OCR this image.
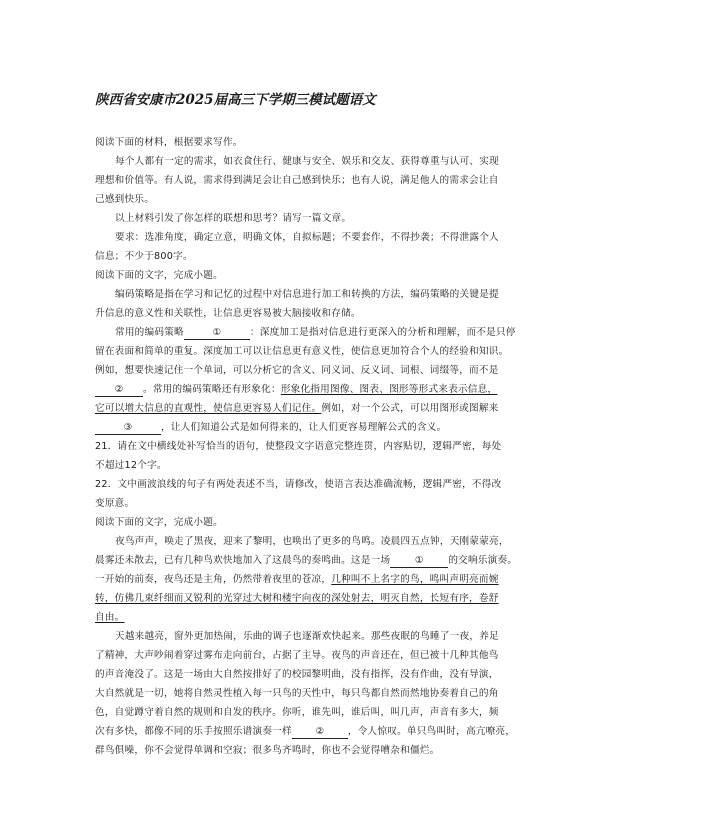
陕西省安康市2025届高三下学期三模试题语文
阅读下面的材料，根据要求写作。
每个人都有一定的需求，如衣食住行、健康与安全、娱乐和交友、获得尊重与认可、实现
理想和价值等。有人说，需求得到满足会让自己感到快乐；也有人说，满足他人的需求会让自
己感到快乐。
以上材料引发了你怎样的联想和思考？请写一篇文章。
要求：选准角度，确定立意，明确文体，自拟标题；不要套作，不得抄袭；不得泄露个人
信息；不少于800字。
阅读下面的文字，完成小题。
编码策略是指在学习和记忆的过程中对信息进行加工和转换的方法，编码策略的关键是提
升信息的意义性和关联性，让信息更容易被大脑接收和存储。
常用的编码策略	①	：深度加工是指对信息进行更深入的分析和理解，而不是只停
留在表面和简单的重复。深度加工可以让信息更有意义性，使信息更加符合个人的经验和知识。
例如，想要快速记住一个单词，可以分析它的含义、同义词、反义词、词根、词缀等，而不是
② 。常用的编码策略还有形象化：形象化指用图像、图表、图形等形式来表示信息，
它可以增大信息的直观性，使信息更容易人们记住。例如，对一个公式，可以用图形或图解来
③	，让人们知道公式是如何得来的，让人们更容易理解公式的含义。
21．请在文中横线处补写恰当的语句，使整段文字语意完整连贯，内容贴切，逻辑严密，每处
不超过12个字。
22．文中画波浪线的句子有两处表述不当，请修改，使语言表达准确流畅，逻辑严密，不得改
变原意。
阅读下面的文字，完成小题。
夜鸟声声，唤走了黑夜，迎来了黎明，也唤出了更多的鸟鸣。凌晨四五点钟，天刚蒙蒙亮，
晨雾还未散去，已有几种鸟欢快地加入了这晨鸟的奏鸣曲。这是一场	①	的交响乐演奏。
一开始的前奏，夜鸟还是主角，仍然带着夜里的苍凉，几种叫不上名字的鸟，鸣叫声明亮而婉
转，仿佛几束纤细而又锐利的光穿过大树和楼宇向夜的深处射去，明灭自然，长短有序，卷舒
自由。
天越来越亮，窗外更加热闹，乐曲的调子也逐渐欢快起来。那些夜眠的鸟睡了一夜，养足
了精神，大声吵闹着穿过雾布走向前台，占据了主导。夜鸟的声音还在，但已被十几种其他鸟
的声音淹没了。这是一场由大自然按排好了的校园黎明曲，没有指挥，没有作曲，没有导演，
大自然就是一切，她将自然灵性植入每一只鸟的天性中，每只鸟都自然而然地协奏着自己的角
色，自觉蹲守着自然的规则和自发的秩序。你听，谁先叫，谁后叫，叫几声，声音有多大，频
次有多快，都像不同的乐手按照乐谱演奏一样 ② ，令人惊叹。单只鸟叫时，高亢嘹亮，
群鸟俱噪，你不会觉得单调和空寂；很多鸟齐鸣时，你也不会觉得嘈杂和僵烂。
